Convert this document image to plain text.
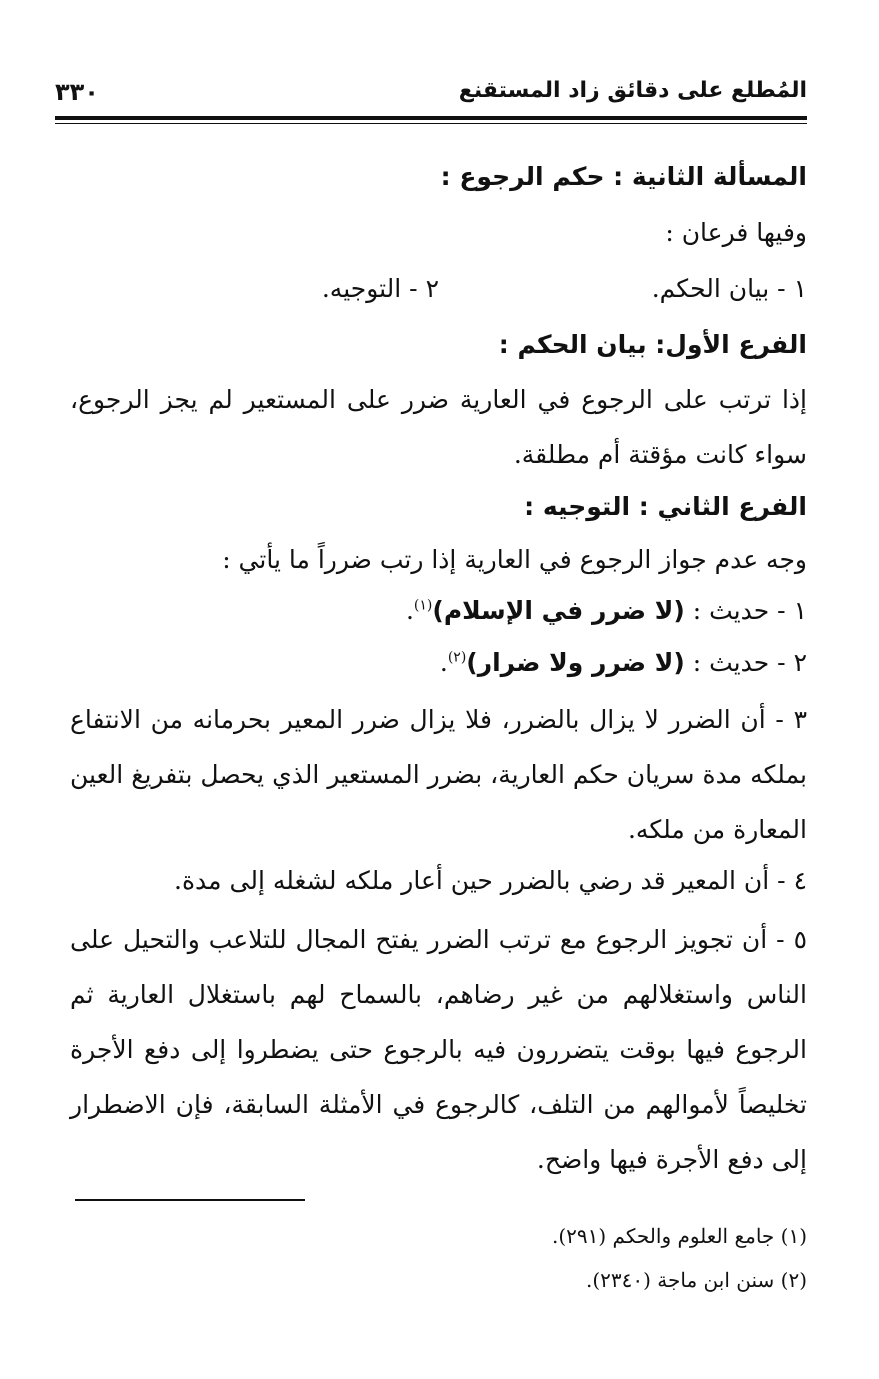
المُطلع على دقائق زاد المستقنع
٣٣٠
المسألة الثانية : حكم الرجوع :
وفيها فرعان :
١ - بيان الحكم.
٢ - التوجيه.
الفرع الأول: بيان الحكم :
إذا ترتب على الرجوع في العارية ضرر على المستعير لم يجز الرجوع، سواء كانت مؤقتة أم مطلقة.
الفرع الثاني : التوجيه :
وجه عدم جواز الرجوع في العارية إذا رتب ضرراً ما يأتي :
١ - حديث : (لا ضرر في الإسلام)$^{(١)}$.
٢ - حديث : (لا ضرر ولا ضرار)$^{(٢)}$.
٣ - أن الضرر لا يزال بالضرر، فلا يزال ضرر المعير بحرمانه من الانتفاع بملكه مدة سريان حكم العارية، بضرر المستعير الذي يحصل بتفريغ العين المعارة من ملكه.
٤ - أن المعير قد رضي بالضرر حين أعار ملكه لشغله إلى مدة.
٥ - أن تجويز الرجوع مع ترتب الضرر يفتح المجال للتلاعب والتحيل على الناس واستغلالهم من غير رضاهم، بالسماح لهم باستغلال العارية ثم الرجوع فيها بوقت يتضررون فيه بالرجوع حتى يضطروا إلى دفع الأجرة تخليصاً لأموالهم من التلف، كالرجوع في الأمثلة السابقة، فإن الاضطرار إلى دفع الأجرة فيها واضح.
(١) جامع العلوم والحكم (٢٩١).
(٢) سنن ابن ماجة (٢٣٤٠).
